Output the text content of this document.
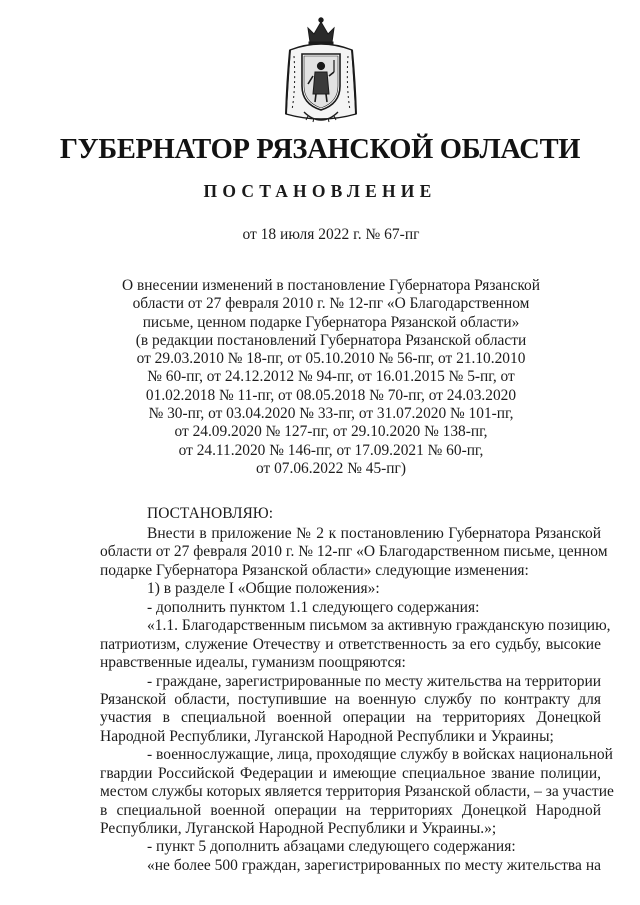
ГУБЕРНАТОР РЯЗАНСКОЙ ОБЛАСТИ
ПОСТАНОВЛЕНИЕ
от 18 июля 2022 г. № 67-пг
О внесении изменений в постановление Губернатора Рязанской
области от 27 февраля 2010 г. № 12-пг «О Благодарственном
письме, ценном подарке Губернатора Рязанской области»
(в редакции постановлений Губернатора Рязанской области
от 29.03.2010 № 18-пг, от 05.10.2010 № 56-пг, от 21.10.2010
№ 60-пг, от 24.12.2012 № 94-пг, от 16.01.2015 № 5-пг, от
01.02.2018 № 11-пг, от 08.05.2018 № 70-пг, от 24.03.2020
№ 30-пг, от 03.04.2020 № 33-пг, от 31.07.2020 № 101-пг,
от 24.09.2020 № 127-пг, от 29.10.2020 № 138-пг,
от 24.11.2020 № 146-пг, от 17.09.2021 № 60-пг,
от 07.06.2022 № 45-пг)
ПОСТАНОВЛЯЮ:
Внести в приложение № 2 к постановлению Губернатора Рязанской
области от 27 февраля 2010 г. № 12-пг «О Благодарственном письме, ценном
подарке Губернатора Рязанской области» следующие изменения:
1) в разделе I «Общие положения»:
- дополнить пунктом 1.1 следующего содержания:
«1.1. Благодарственным письмом за активную гражданскую позицию,
патриотизм, служение Отечеству и ответственность за его судьбу, высокие
нравственные идеалы, гуманизм поощряются:
- граждане, зарегистрированные по месту жительства на территории
Рязанской области, поступившие на военную службу по контракту для
участия в специальной военной операции на территориях Донецкой
Народной Республики, Луганской Народной Республики и Украины;
- военнослужащие, лица, проходящие службу в войсках национальной
гвардии Российской Федерации и имеющие специальное звание полиции,
местом службы которых является территория Рязанской области, – за участие
в специальной военной операции на территориях Донецкой Народной
Республики, Луганской Народной Республики и Украины.»;
- пункт 5 дополнить абзацами следующего содержания:
«не более 500 граждан, зарегистрированных по месту жительства на
